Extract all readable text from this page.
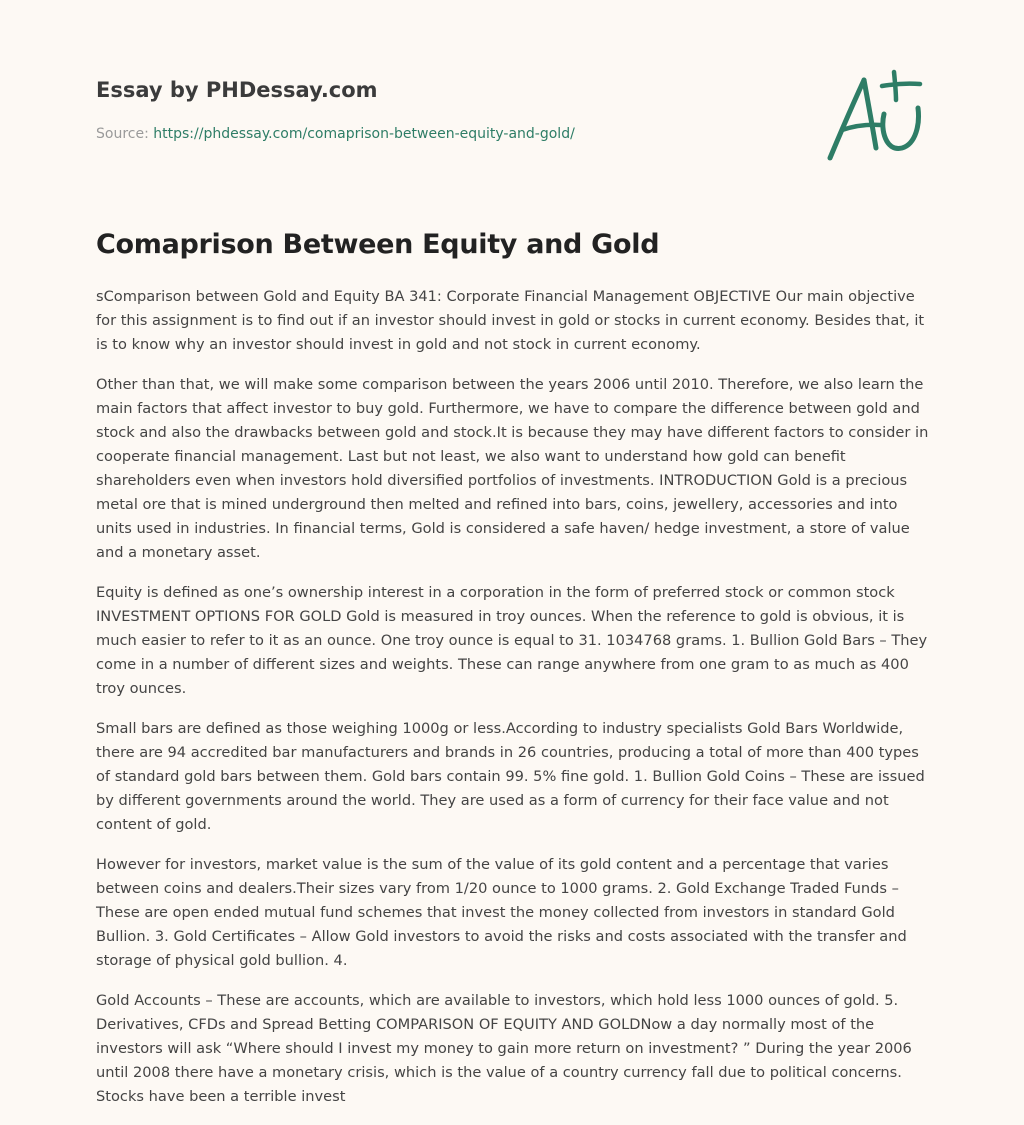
Essay by PHDessay.com
Source: https://phdessay.com/comaprison-between-equity-and-gold/
Comaprison Between Equity and Gold

sComparison between Gold and Equity BA 341: Corporate Financial Management OBJECTIVE Our main objective for this assignment is to find out if an investor should invest in gold or stocks in current economy. Besides that, it is to know why an investor should invest in gold and not stock in current economy.

Other than that, we will make some comparison between the years 2006 until 2010. Therefore, we also learn the main factors that affect investor to buy gold. Furthermore, we have to compare the difference between gold and stock and also the drawbacks between gold and stock.It is because they may have different factors to consider in cooperate financial management. Last but not least, we also want to understand how gold can benefit shareholders even when investors hold diversified portfolios of investments. INTRODUCTION Gold is a precious metal ore that is mined underground then melted and refined into bars, coins, jewellery, accessories and into units used in industries. In financial terms, Gold is considered a safe haven/ hedge investment, a store of value and a monetary asset.

Equity is defined as one’s ownership interest in a corporation in the form of preferred stock or common stock INVESTMENT OPTIONS FOR GOLD Gold is measured in troy ounces. When the reference to gold is obvious, it is much easier to refer to it as an ounce. One troy ounce is equal to 31. 1034768 grams. 1. Bullion Gold Bars – They come in a number of different sizes and weights. These can range anywhere from one gram to as much as 400 troy ounces.

Small bars are defined as those weighing 1000g or less.According to industry specialists Gold Bars Worldwide, there are 94 accredited bar manufacturers and brands in 26 countries, producing a total of more than 400 types of standard gold bars between them. Gold bars contain 99. 5% fine gold. 1. Bullion Gold Coins – These are issued by different governments around the world. They are used as a form of currency for their face value and not content of gold.

However for investors, market value is the sum of the value of its gold content and a percentage that varies between coins and dealers.Their sizes vary from 1/20 ounce to 1000 grams. 2. Gold Exchange Traded Funds – These are open ended mutual fund schemes that invest the money collected from investors in standard Gold Bullion. 3. Gold Certificates – Allow Gold investors to avoid the risks and costs associated with the transfer and storage of physical gold bullion. 4.

Gold Accounts – These are accounts, which are available to investors, which hold less 1000 ounces of gold. 5. Derivatives, CFDs and Spread Betting COMPARISON OF EQUITY AND GOLDNow a day normally most of the investors will ask “Where should I invest my money to gain more return on investment? ” During the year 2006 until 2008 there have a monetary crisis, which is the value of a country currency fall due to political concerns. Stocks have been a terrible invest
